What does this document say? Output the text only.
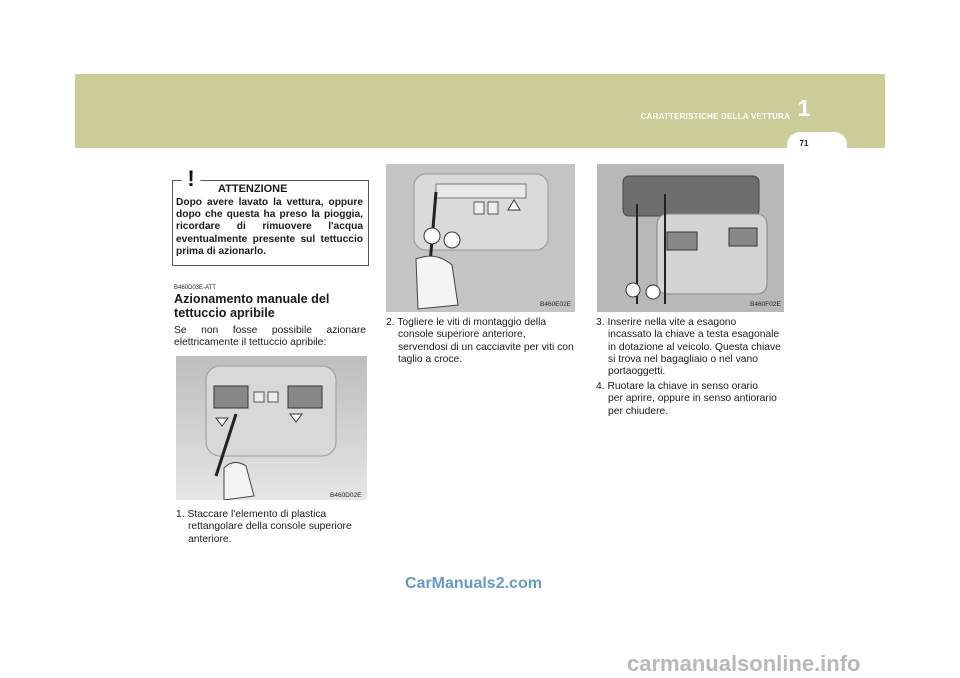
CARATTERISTICHE DELLA VETTURA 1
71
! ATTENZIONE
Dopo avere lavato la vettura, oppure dopo che questa ha preso la pioggia, ricordare di rimuovere l'acqua eventualmente presente sul tettuccio prima di azionarlo.
B460D03E-ATT
Azionamento manuale del tettuccio apribile
Se non fosse possibile azionare elettricamente il tettuccio apribile:
B460D02E
B460E02E	B460F02E
1. Staccare l'elemento di plastica
rettangolare della console superiore anteriore.
2. Togliere le viti di montaggio della
console superiore anteriore, servendosi di un cacciavite per viti con taglio a croce.
3. Inserire nella vite a esagono
incassato la chiave a testa esagonale in dotazione al veicolo. Questa chiave si trova nel bagagliaio o nel vano portaoggetti.
4. Ruotare la chiave in senso orario
per aprire, oppure in senso antiorario per chiudere.
CarManuals2.com
carmanualsonline.info
